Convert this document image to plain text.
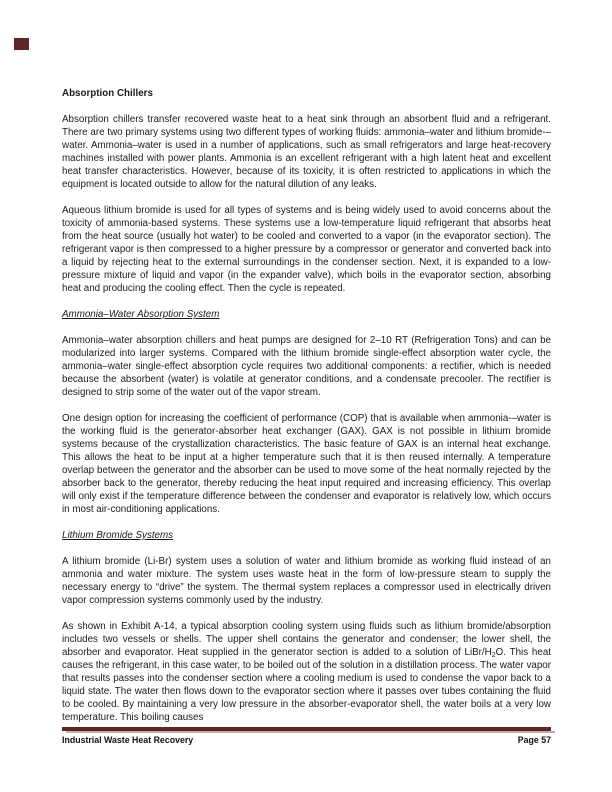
Absorption Chillers
Absorption chillers transfer recovered waste heat to a heat sink through an absorbent fluid and a refrigerant. There are two primary systems using two different types of working fluids: ammonia–water and lithium bromide-–water. Ammonia–water is used in a number of applications, such as small refrigerators and large heat-recovery machines installed with power plants. Ammonia is an excellent refrigerant with a high latent heat and excellent heat transfer characteristics. However, because of its toxicity, it is often restricted to applications in which the equipment is located outside to allow for the natural dilution of any leaks.
Aqueous lithium bromide is used for all types of systems and is being widely used to avoid concerns about the toxicity of ammonia-based systems. These systems use a low-temperature liquid refrigerant that absorbs heat from the heat source (usually hot water) to be cooled and converted to a vapor (in the evaporator section). The refrigerant vapor is then compressed to a higher pressure by a compressor or generator and converted back into a liquid by rejecting heat to the external surroundings in the condenser section. Next, it is expanded to a low-pressure mixture of liquid and vapor (in the expander valve), which boils in the evaporator section, absorbing heat and producing the cooling effect. Then the cycle is repeated.
Ammonia–Water Absorption System
Ammonia–water absorption chillers and heat pumps are designed for 2–10 RT (Refrigeration Tons) and can be modularized into larger systems. Compared with the lithium bromide single-effect absorption water cycle, the ammonia–water single-effect absorption cycle requires two additional components: a rectifier, which is needed because the absorbent (water) is volatile at generator conditions, and a condensate precooler. The rectifier is designed to strip some of the water out of the vapor stream.
One design option for increasing the coefficient of performance (COP) that is available when ammonia-–water is the working fluid is the generator-absorber heat exchanger (GAX). GAX is not possible in lithium bromide systems because of the crystallization characteristics. The basic feature of GAX is an internal heat exchange. This allows the heat to be input at a higher temperature such that it is then reused internally. A temperature overlap between the generator and the absorber can be used to move some of the heat normally rejected by the absorber back to the generator, thereby reducing the heat input required and increasing efficiency. This overlap will only exist if the temperature difference between the condenser and evaporator is relatively low, which occurs in most air-conditioning applications.
Lithium Bromide Systems
A lithium bromide (Li-Br) system uses a solution of water and lithium bromide as working fluid instead of an ammonia and water mixture. The system uses waste heat in the form of low-pressure steam to supply the necessary energy to “drive” the system. The thermal system replaces a compressor used in electrically driven vapor compression systems commonly used by the industry.
As shown in Exhibit A-14, a typical absorption cooling system using fluids such as lithium bromide/absorption includes two vessels or shells. The upper shell contains the generator and condenser; the lower shell, the absorber and evaporator. Heat supplied in the generator section is added to a solution of LiBr/$H_2O$. This heat causes the refrigerant, in this case water, to be boiled out of the solution in a distillation process. The water vapor that results passes into the condenser section where a cooling medium is used to condense the vapor back to a liquid state. The water then flows down to the evaporator section where it passes over tubes containing the fluid to be cooled. By maintaining a very low pressure in the absorber-evaporator shell, the water boils at a very low temperature. This boiling causes
Industrial Waste Heat Recovery	Page 57
